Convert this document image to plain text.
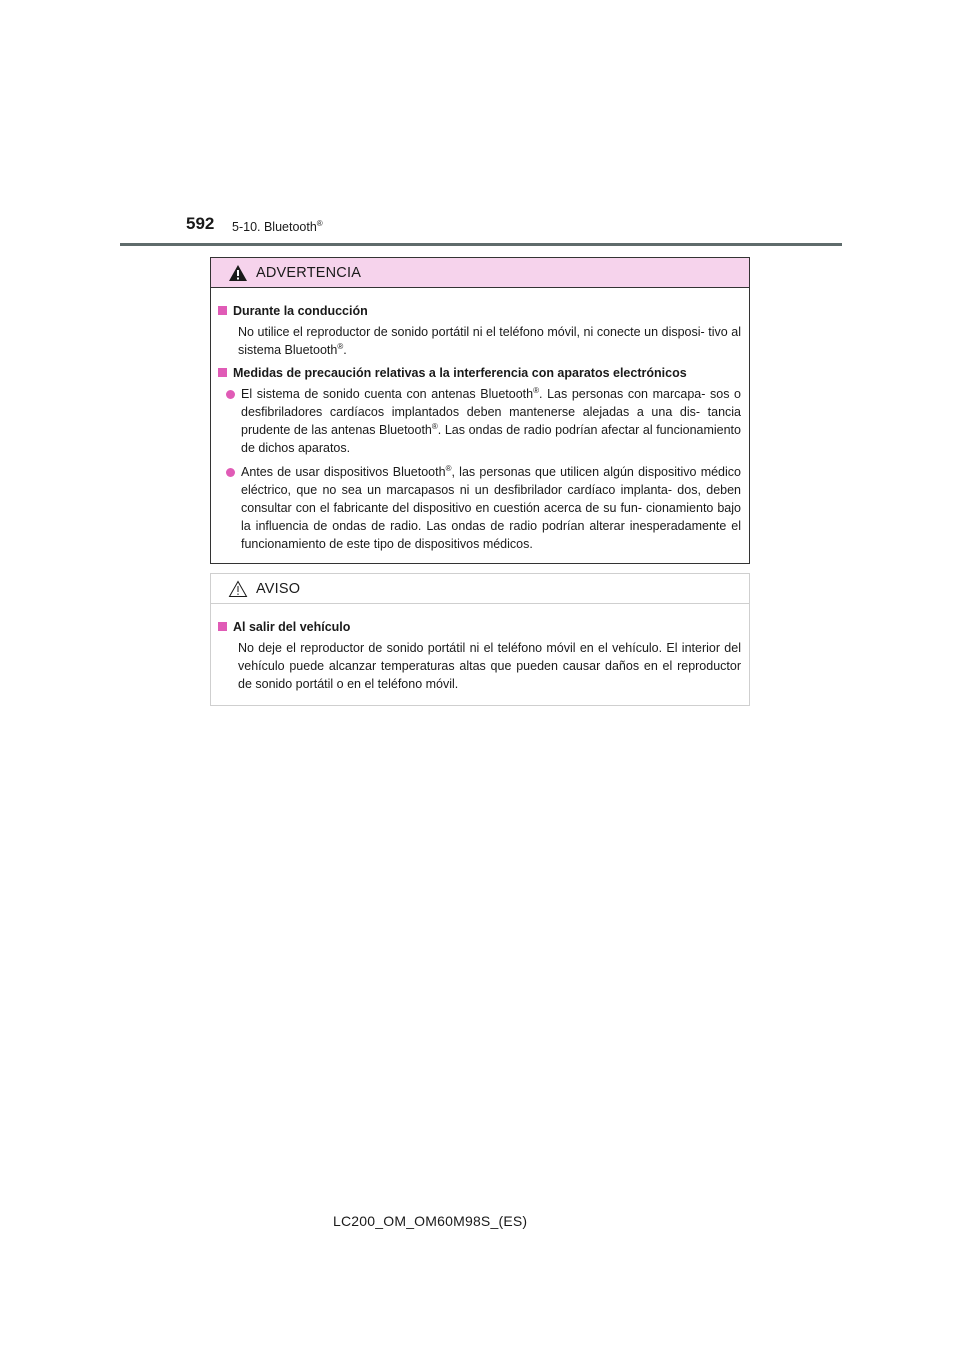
592 5-10. Bluetooth®
ADVERTENCIA
Durante la conducción
No utilice el reproductor de sonido portátil ni el teléfono móvil, ni conecte un disposi- tivo al sistema Bluetooth®.
Medidas de precaución relativas a la interferencia con aparatos electrónicos
El sistema de sonido cuenta con antenas Bluetooth®. Las personas con marcapa- sos o desfibriladores cardíacos implantados deben mantenerse alejadas a una dis- tancia prudente de las antenas Bluetooth®. Las ondas de radio podrían afectar al funcionamiento de dichos aparatos.
Antes de usar dispositivos Bluetooth®, las personas que utilicen algún dispositivo médico eléctrico, que no sea un marcapasos ni un desfibrilador cardíaco implanta- dos, deben consultar con el fabricante del dispositivo en cuestión acerca de su fun- cionamiento bajo la influencia de ondas de radio. Las ondas de radio podrían alterar inesperadamente el funcionamiento de este tipo de dispositivos médicos.
AVISO
Al salir del vehículo
No deje el reproductor de sonido portátil ni el teléfono móvil en el vehículo. El interior del vehículo puede alcanzar temperaturas altas que pueden causar daños en el reproductor de sonido portátil o en el teléfono móvil.
LC200_OM_OM60M98S_(ES)
